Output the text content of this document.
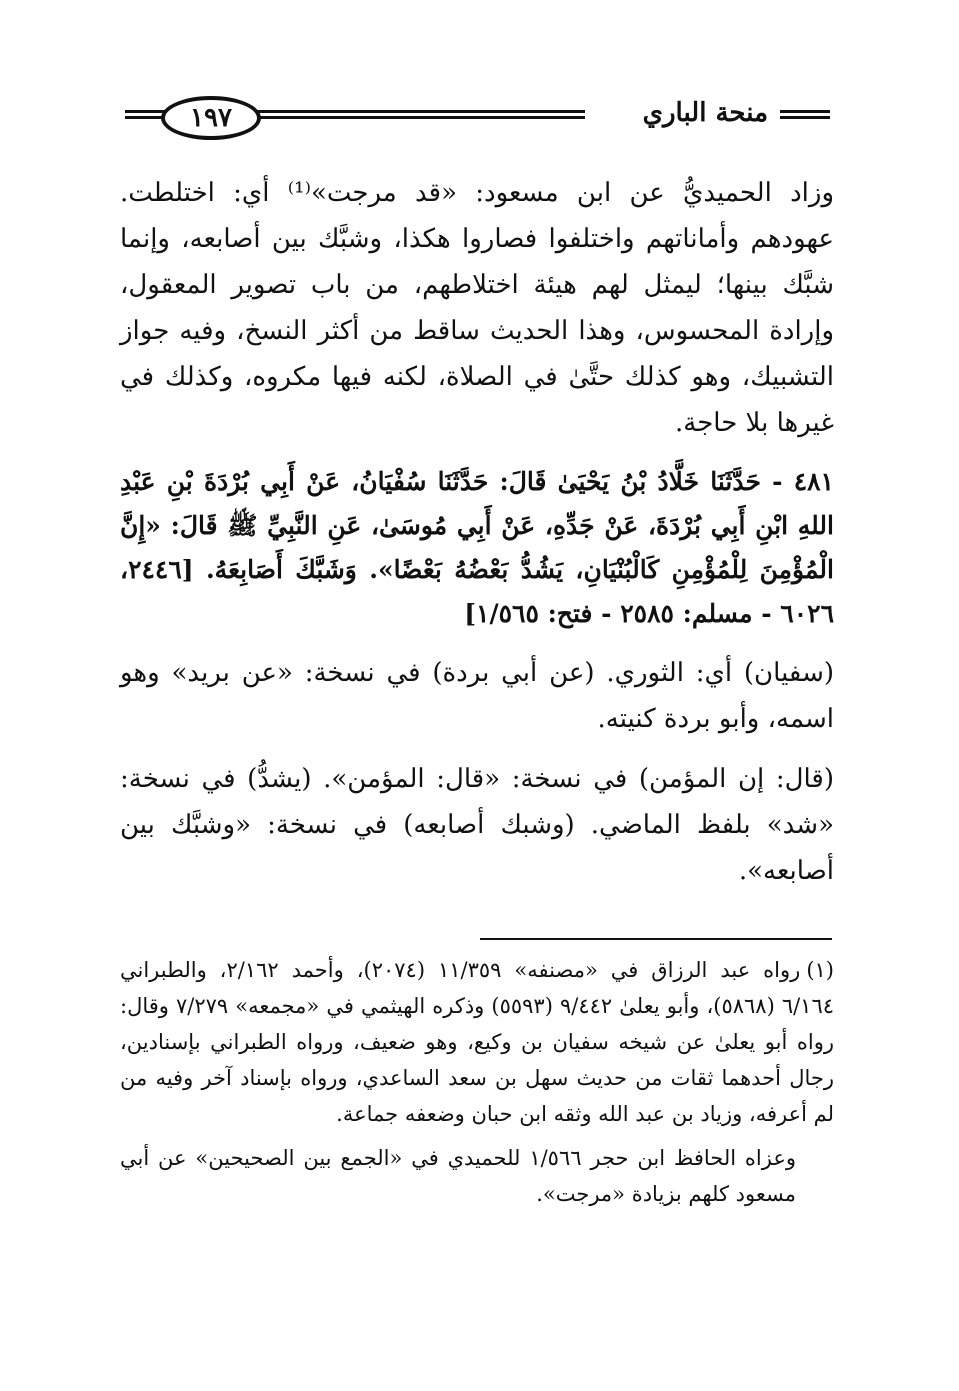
١٩٧	منحة الباري

وزاد الحميديُّ عن ابن مسعود: «قد مرجت»⁽¹⁾ أي: اختلطت. عهودهم وأماناتهم واختلفوا فصاروا هكذا، وشبَّك بين أصابعه، وإنما شبَّك بينها؛ ليمثل لهم هيئة اختلاطهم، من باب تصوير المعقول، وإرادة المحسوس، وهذا الحديث ساقط من أكثر النسخ، وفيه جواز التشبيك، وهو كذلك حتَّىٰ في الصلاة، لكنه فيها مكروه، وكذلك في غيرها بلا حاجة.

٤٨١ - حَدَّثَنَا خَلَّادُ بْنُ يَحْيَىٰ قَالَ: حَدَّثَنَا سُفْيَانُ، عَنْ أَبِي بُرْدَةَ بْنِ عَبْدِ اللهِ ابْنِ أَبِي بُرْدَةَ، عَنْ جَدِّهِ، عَنْ أَبِي مُوسَىٰ، عَنِ النَّبِيِّ ﷺ قَالَ: «إِنَّ الْمُؤْمِنَ لِلْمُؤْمِنِ كَالْبُنْيَانِ، يَشُدُّ بَعْضُهُ بَعْضًا». وَشَبَّكَ أَصَابِعَهُ. [٢٤٤٦، ٦٠٢٦ - مسلم: ٢٥٨٥ - فتح: ١/٥٦٥]

(سفيان) أي: الثوري. (عن أبي بردة) في نسخة: «عن بريد» وهو اسمه، وأبو بردة كنيته.

(قال: إن المؤمن) في نسخة: «قال: المؤمن». (يشدُّ) في نسخة: «شد» بلفظ الماضي. (وشبك أصابعه) في نسخة: «وشبَّك بين أصابعه».

(١)رواه عبد الرزاق في «مصنفه» ١١/٣٥٩ (٢٠٧٤)، وأحمد ٢/١٦٢، والطبراني ٦/١٦٤ (٥٨٦٨)، وأبو يعلىٰ ٩/٤٤٢ (٥٥٩٣) وذكره الهيثمي في «مجمعه» ٧/٢٧٩ وقال: رواه أبو يعلىٰ عن شيخه سفيان بن وكيع، وهو ضعيف، ورواه الطبراني بإسنادين، رجال أحدهما ثقات من حديث سهل بن سعد الساعدي، ورواه بإسناد آخر وفيه من لم أعرفه، وزياد بن عبد الله وثقه ابن حبان وضعفه جماعة.

وعزاه الحافظ ابن حجر ١/٥٦٦ للحميدي في «الجمع بين الصحيحين» عن أبي مسعود كلهم بزيادة «مرجت».
